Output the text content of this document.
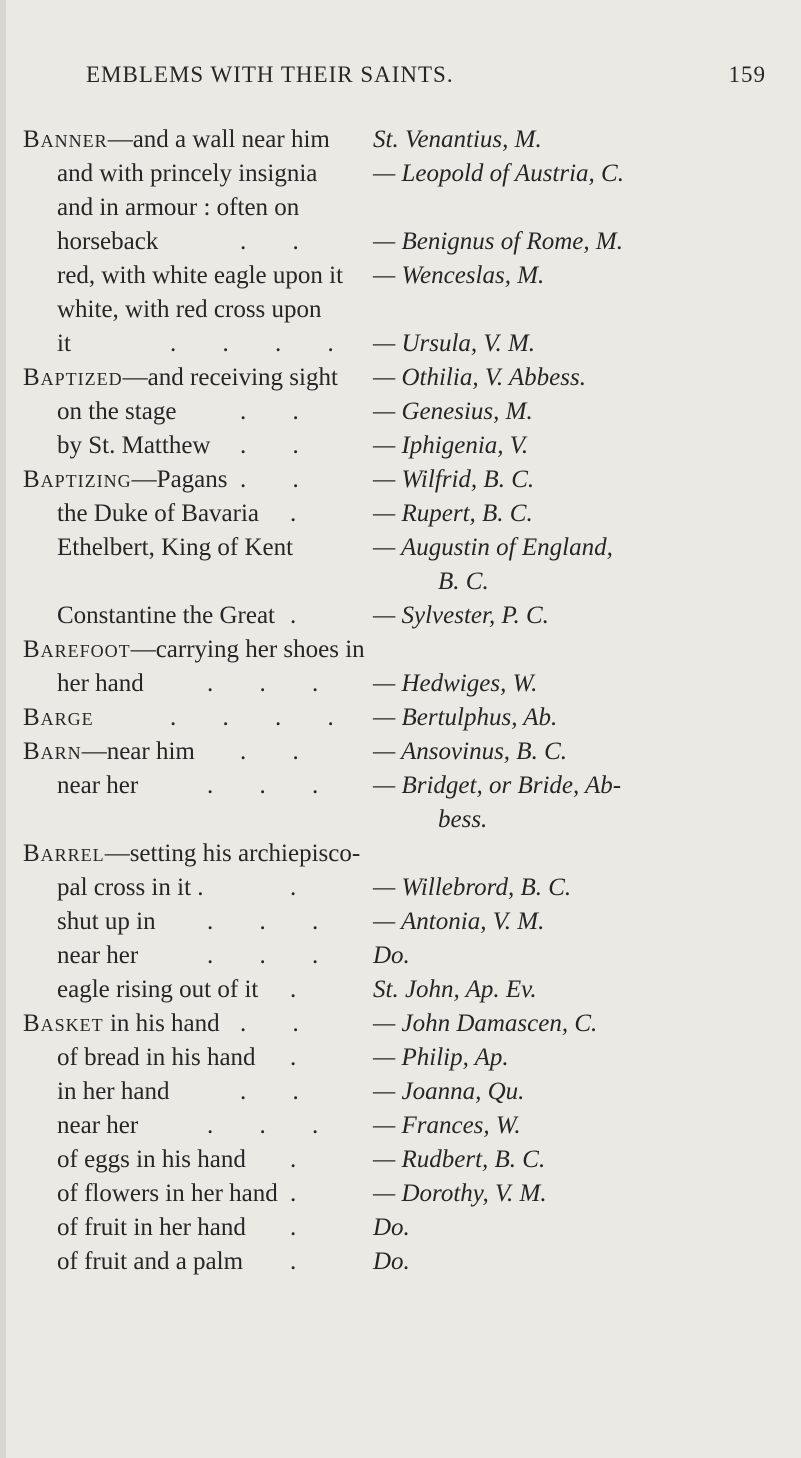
EMBLEMS WITH THEIR SAINTS.	159
Banner—and a wall near him St. Venantius, M.
and with princely insignia — Leopold of Austria, C.
and in armour : often on
horseback	. . — Benignus of Rome, M.
red, with white eagle upon it — Wenceslas, M.
white, with red cross upon
it	. . . . — Ursula, V. M.
Baptized—and receiving sight — Othilia, V. Abbess.
on the stage	. . — Genesius, M.
by St. Matthew . . — Iphigenia, V.
Baptizing—Pagans . . — Wilfrid, B. C.
the Duke of Bavaria . — Rupert, B. C.
Ethelbert, King of Kent	— Augustin of England,
B. C.
Constantine the Great . — Sylvester, P. C.
Barefoot—carrying her shoes in
her hand	. . . — Hedwiges, W.
Barge	. . . . — Bertulphus, Ab.
Barn—near him . . — Ansovinus, B. C.
near her	. . . — Bridget, or Bride, Ab-
bess.
Barrel—setting his archiepisco-
pal cross in it .	. — Willebrord, B. C.
shut up in . . . — Antonia, V. M.
near her	. . . Do.
eagle rising out of it . St. John, Ap. Ev.
Basket in his hand . . — John Damascen, C.
of bread in his hand . — Philip, Ap.
in her hand	. . — Joanna, Qu.
near her	. . . — Frances, W.
of eggs in his hand . — Rudbert, B. C.
of flowers in her hand . — Dorothy, V. M.
of fruit in her hand . Do.
of fruit and a palm . Do.
